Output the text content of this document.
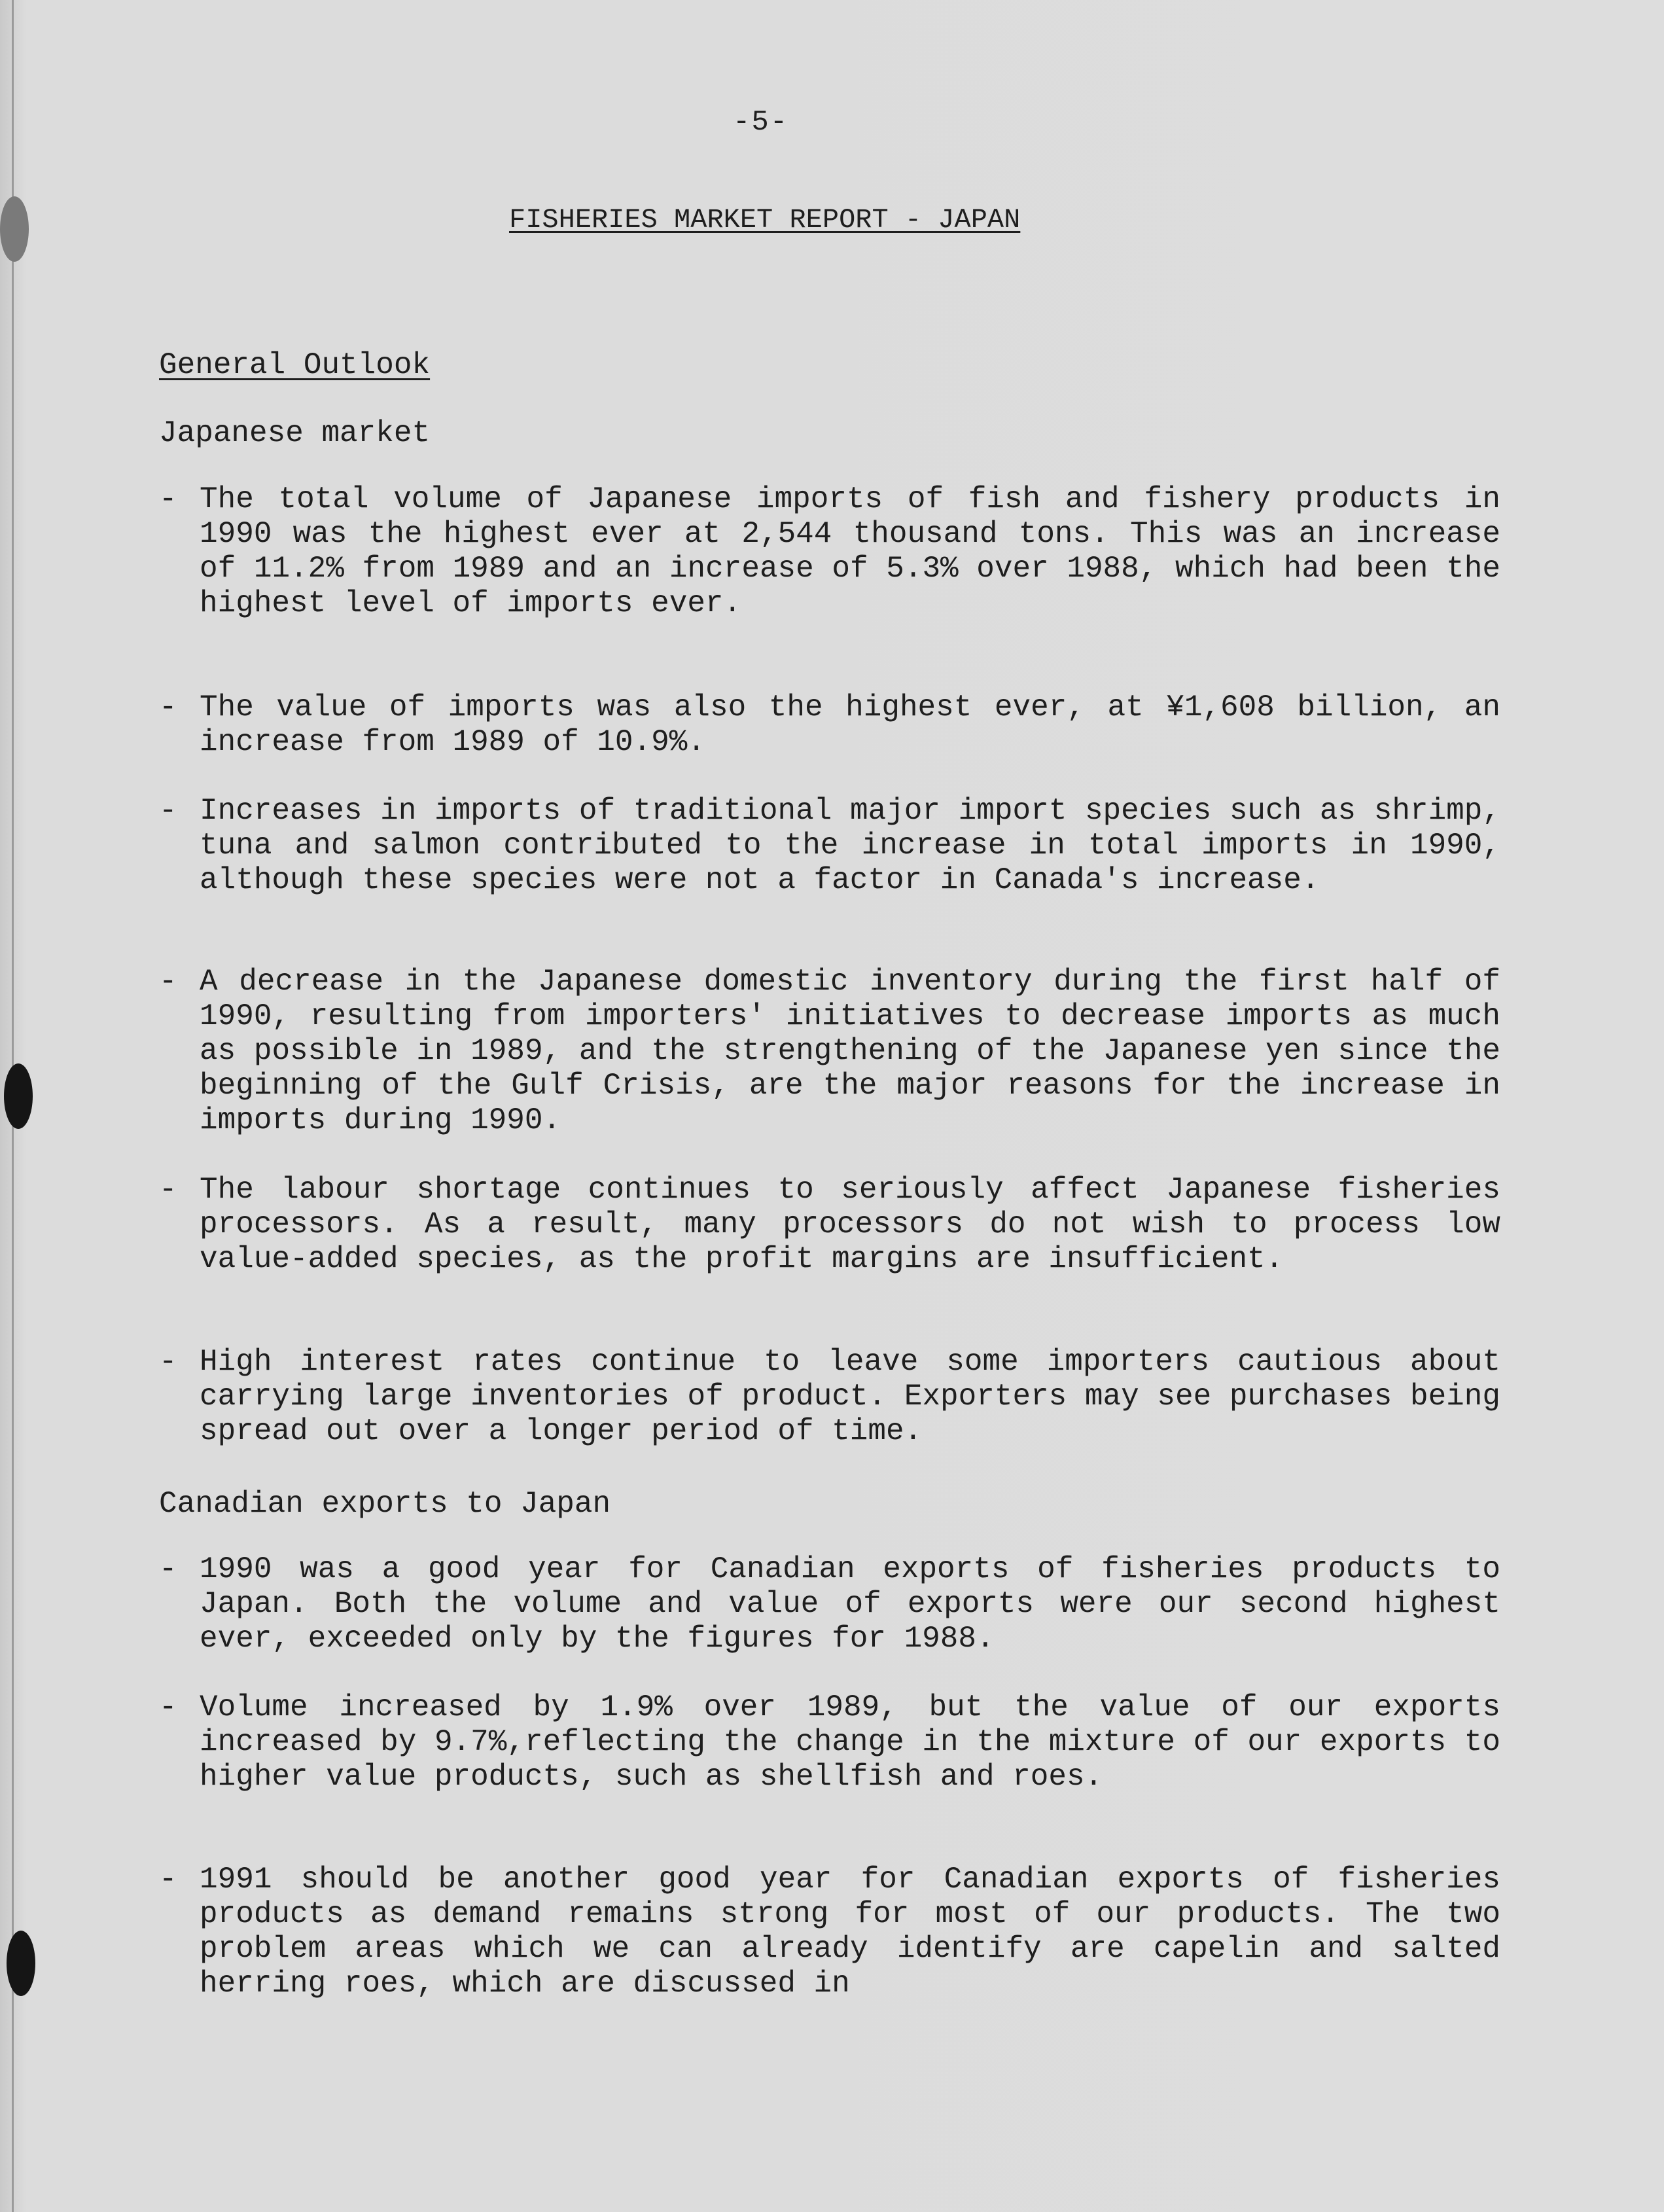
-5-
FISHERIES MARKET REPORT - JAPAN
General Outlook
Japanese market
- The total volume of Japanese imports of fish and fishery products in 1990 was the highest ever at 2,544 thousand tons. This was an increase of 11.2% from 1989 and an increase of 5.3% over 1988, which had been the highest level of imports ever.
- The value of imports was also the highest ever, at ¥1,608 billion, an increase from 1989 of 10.9%.
- Increases in imports of traditional major import species such as shrimp, tuna and salmon contributed to the increase in total imports in 1990, although these species were not a factor in Canada's increase.
- A decrease in the Japanese domestic inventory during the first half of 1990, resulting from importers' initiatives to decrease imports as much as possible in 1989, and the strengthening of the Japanese yen since the beginning of the Gulf Crisis, are the major reasons for the increase in imports during 1990.
- The labour shortage continues to seriously affect Japanese fisheries processors. As a result, many processors do not wish to process low value-added species, as the profit margins are insufficient.
- High interest rates continue to leave some importers cautious about carrying large inventories of product. Exporters may see purchases being spread out over a longer period of time.
Canadian exports to Japan
- 1990 was a good year for Canadian exports of fisheries products to Japan. Both the volume and value of exports were our second highest ever, exceeded only by the figures for 1988.
- Volume increased by 1.9% over 1989, but the value of our exports increased by 9.7%,reflecting the change in the mixture of our exports to higher value products, such as shellfish and roes.
- 1991 should be another good year for Canadian exports of fisheries products as demand remains strong for most of our products. The two problem areas which we can already identify are capelin and salted herring roes, which are discussed in
